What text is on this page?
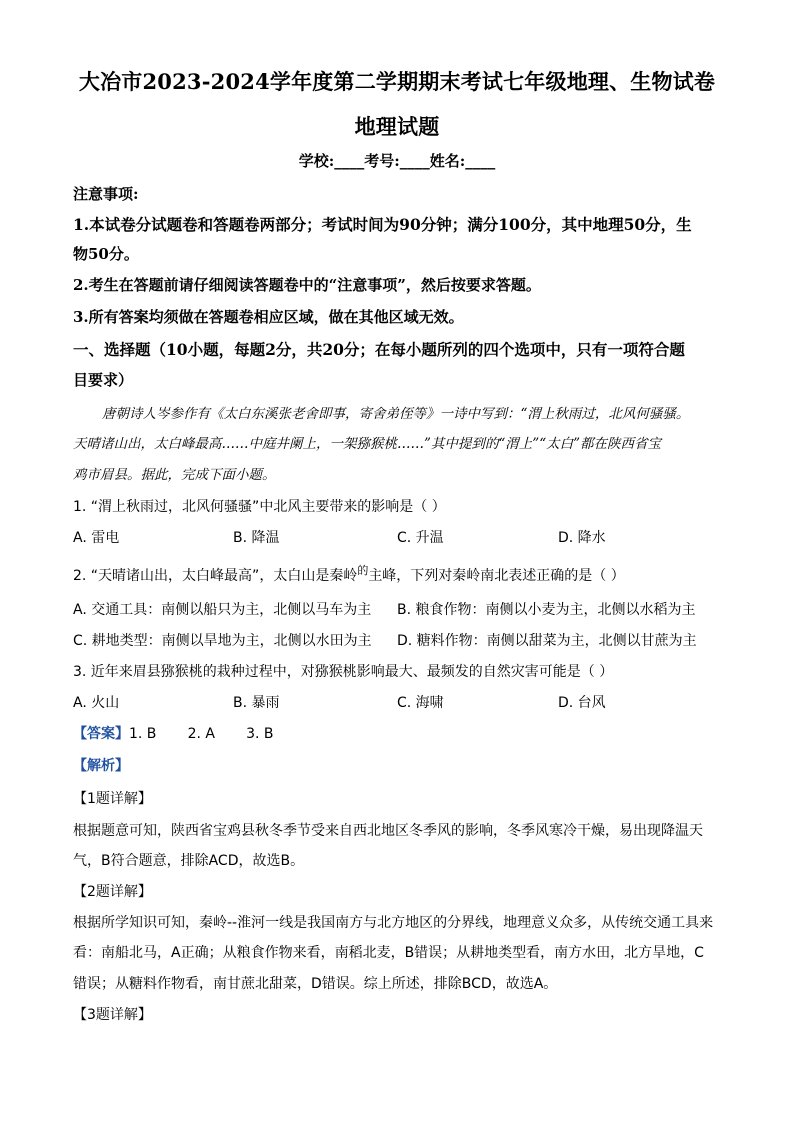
大冶市2023-2024学年度第二学期期末考试七年级地理、生物试卷
地理试题
学校:____考号:____姓名:____
注意事项:
1.本试卷分试题卷和答题卷两部分；考试时间为90分钟；满分100分，其中地理50分，生
物50分。
2.考生在答题前请仔细阅读答题卷中的“注意事项”，然后按要求答题。
3.所有答案均须做在答题卷相应区域，做在其他区域无效。
一、选择题（10小题，每题2分，共20分；在每小题所列的四个选项中，只有一项符合题
目要求）
唐朝诗人岑参作有《太白东溪张老舍即事，寄舍弟侄等》一诗中写到：“渭上秋雨过，北风何骚骚。
天晴诸山出，太白峰最高……中庭井阑上，一架猕猴桃……”其中提到的“渭上”“太白”都在陕西省宝
鸡市眉县。据此，完成下面小题。
1. “渭上秋雨过，北风何骚骚”中北风主要带来的影响是（ ）
A. 雷电	B. 降温	C. 升温	D. 降水
2. “天晴诸山出，太白峰最高”，太白山是秦岭$^的$主峰，下列对秦岭南北表述正确的是（ ）
A. 交通工具：南侧以船只为主，北侧以马车为主 B. 粮食作物：南侧以小麦为主，北侧以水稻为主
C. 耕地类型：南侧以旱地为主，北侧以水田为主 D. 糖料作物：南侧以甜菜为主，北侧以甘蔗为主
3. 近年来眉县猕猴桃的栽种过程中，对猕猴桃影响最大、最频发的自然灾害可能是（ ）
A. 火山	B. 暴雨	C. 海啸	D. 台风
【答案】1. B       2. A       3. B
【解析】
【1题详解】
根据题意可知，陕西省宝鸡县秋冬季节受来自西北地区冬季风的影响，冬季风寒冷干燥，易出现降温天
气，B符合题意，排除ACD，故选B。
【2题详解】
根据所学知识可知，秦岭--淮河一线是我国南方与北方地区的分界线，地理意义众多，从传统交通工具来
看：南船北马，A正确；从粮食作物来看，南稻北麦，B错误；从耕地类型看，南方水田，北方旱地，C
错误；从糖料作物看，南甘蔗北甜菜，D错误。综上所述，排除BCD，故选A。
【3题详解】
